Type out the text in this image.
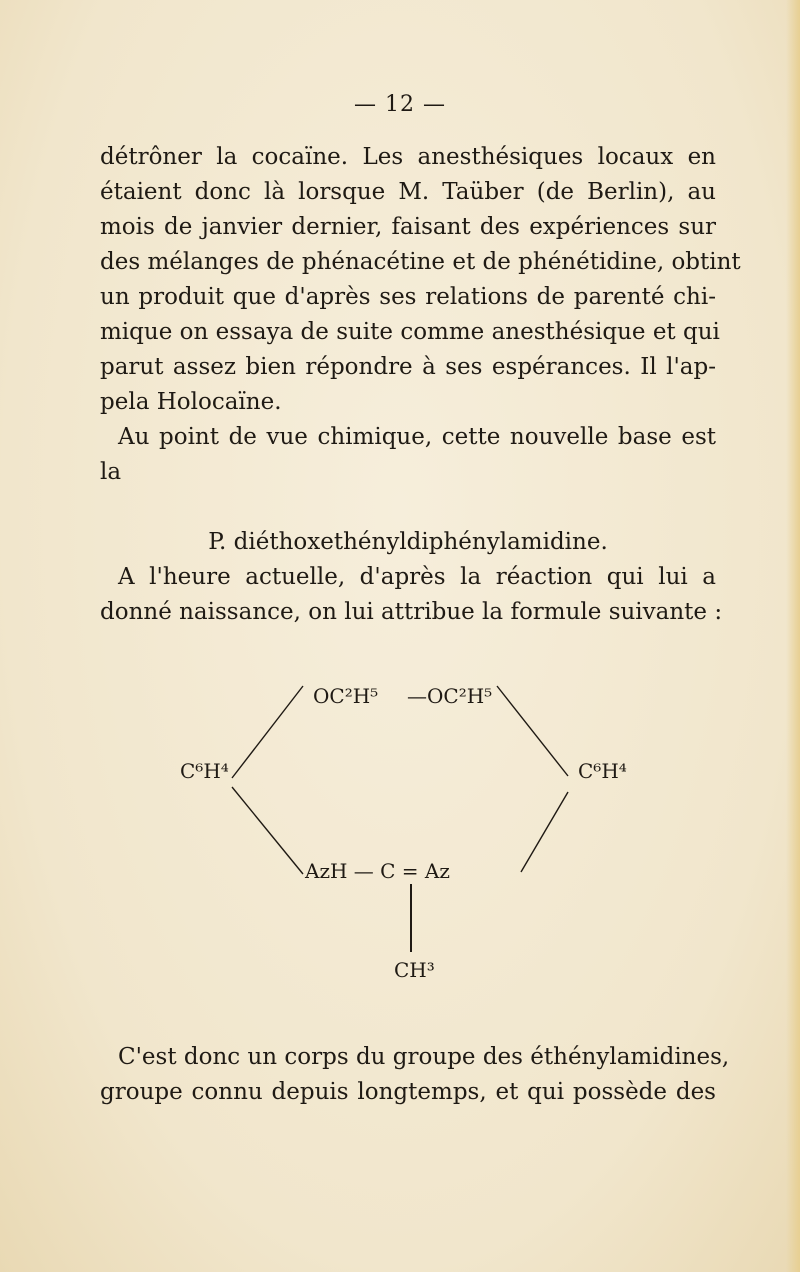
— 12 —
détrôner la cocaïne. Les anesthésiques locaux en
étaient donc là lorsque M. Taüber (de Berlin), au
mois de janvier dernier, faisant des expériences sur
des mélanges de phénacétine et de phénétidine, obtint
un produit que d'après ses relations de parenté chi-
mique on essaya de suite comme anesthésique et qui
parut assez bien répondre à ses espérances. Il l'ap-
pela Holocaïne.
Au point de vue chimique, cette nouvelle base est
la
P. diéthoxethényldiphénylamidine.
A l'heure actuelle, d'après la réaction qui lui a
donné naissance, on lui attribue la formule suivante :
OC²H⁵ — OC²H⁵
C⁶H⁴	C⁶H⁴
AzH — C = Az
CH³
C'est donc un corps du groupe des éthénylamidines,
groupe connu depuis longtemps, et qui possède des
